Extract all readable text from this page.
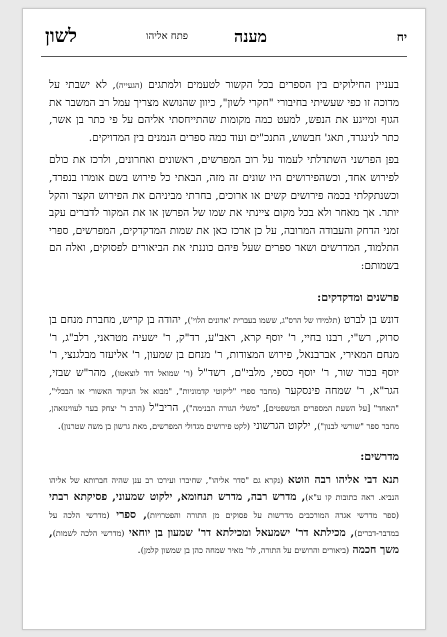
יח
מענה
פתח אליהו
לשון

בעניין החילוקים בין הספרים בכל הקשור לטעמים ולמתגים (הגעייה), לא ישבתי על מדוכה זו כפי שעשיתי בחיבורי "חקרי לשון", כיוון שהנושא מצריך עמל רב המשבר את הגוף ומייגע את הנפש, למעט כמה מקומות שהתייחסתי אליהם על פי כתר בן אשר, כתר לנינגרד, תאג' חבשוש, התנכ"ים ועוד כמה ספרים הנמנים בין המדויקים.

בפן הפרשני השתדלתי לעמוד על רוב המפרשים, ראשונים ואחרונים, ולרכז את כולם לפירוש אחד, וכשהפירושים היו שונים זה מזה, הבאתי כל פירוש בשם אומרו בנפרד, וכשנתקלתי בכמה פירושים קשים או ארוכים, בחרתי מביניהם את הפירוש הקצר והקל יותר. אך מאחר ולא בכל מקום ציינתי את שמו של הפרשן או את המקור לדברים עקב זמני הדחק והעבודה המרובה, על כן ארכז כאן את שמות המדקדקים, המפרשים, ספרי התלמוד, המדרשים ושאר ספרים שעל פיהם כוננתי את הביאורים לפסוקים, ואלה הם בשמותם:

פרשנים ומדקדקים:

דונש בן לברט (תלמידו של הרס"ג, ששמו בעברית 'אדונים הלוי'), יהודה בן קריש, מחברת מנחם בן סרוק, רש"י, רבנו בחיי, ר' יוסף קרא, ראב"ע, רד"ק, ר' ישעיה מטראני, רלב"ג, ר' מנחם המאירי, אברבנאל, פירוש המצודות, ר' מנחם בן שמעון, ר' אליעזר מבלגנצי, ר' יוסף בכור שור, ר' יוסף כספי, מלבי"ם, רשד"ל (ר' שמואל דוד לוצאטו), מהר"ש שבזי, הגר"א, ר' שמחה פינסקער (מחבר ספרי "ליקוטי קדמוניות", "מבוא אל הניקוד האשורי או הבבלי", "האחד" [על השעת המספרים המשפטים], "משלי הגורה הבנימה"), הריב"ל (הרב ר' יצחק בער לעווינזאהן, מחבר ספר "שורשי לבנון"), ילקוט הגרשוני (לקט פירושים מגדולי המפרשים, מאת גרשון בן משה שטרנון).

מדרשים:

תנא דבי אליהו רבה וזוטא (נקרא גם "סדר אליהו", שחיברו ועירכו רב ענן שהיה חברותא של אליהו הנביא. ראה כתובות קו ע"א), מדרש רבה, מדרש תנחומא, ילקוט שמעוני, פסיקתא רבתי (ספר מדרשי אגדה המורכבים מדרשות על פסוקים מן התורה והפטרויות), ספרי (מדרשי הלכה על במדבר-דברים), מכילתא דר' ישמעאל ומכילתא דר' שמעון בן יוחאי (מדרשי הלכה לשמות), משך חכמה (ביאורים והרושים על התורה, לר' מאיר שמחה כהן בן שמשון קלמן).
